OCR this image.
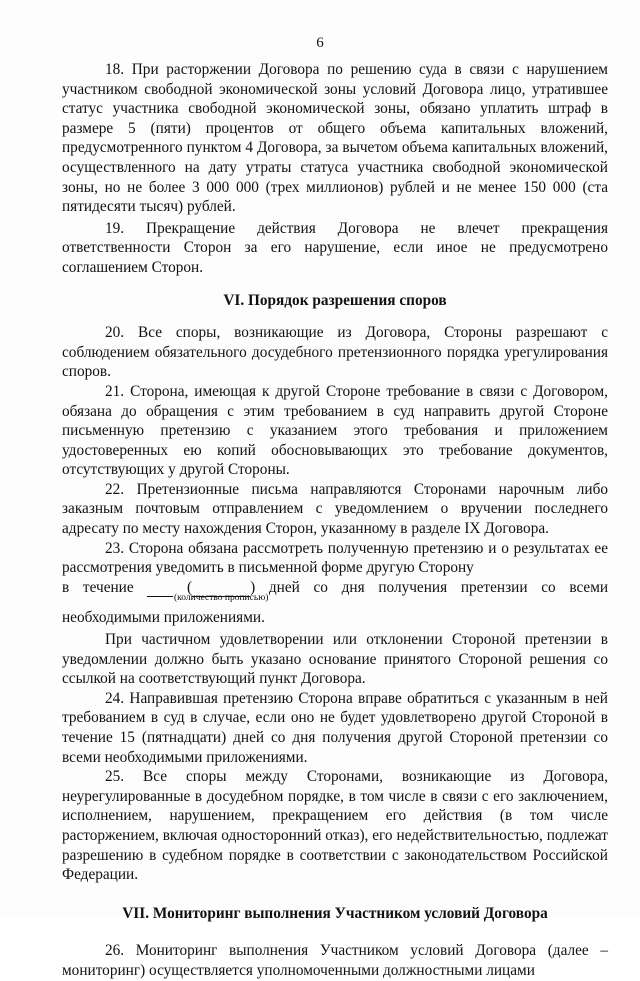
6

18. При расторжении Договора по решению суда в связи с нарушением участником свободной экономической зоны условий Договора лицо, утратившее статус участника свободной экономической зоны, обязано уплатить штраф в размере 5 (пяти) процентов от общего объема капитальных вложений, предусмотренного пунктом 4 Договора, за вычетом объема капитальных вложений, осуществленного на дату утраты статуса участника свободной экономической зоны, но не более 3 000 000 (трех миллионов) рублей и не менее 150 000 (ста пятидесяти тысяч) рублей.

19. Прекращение действия Договора не влечет прекращения ответственности Сторон за его нарушение, если иное не предусмотрено соглашением Сторон.

VI. Порядок разрешения споров

20. Все споры, возникающие из Договора, Стороны разрешают с соблюдением обязательного досудебного претензионного порядка урегулирования споров.

21. Сторона, имеющая к другой Стороне требование в связи с Договором, обязана до обращения с этим требованием в суд направить другой Стороне письменную претензию с указанием этого требования и приложением удостоверенных ею копий обосновывающих это требование документов, отсутствующих у другой Стороны.

22. Претензионные письма направляются Сторонами нарочным либо заказным почтовым отправлением с уведомлением о вручении последнего адресату по месту нахождения Сторон, указанному в разделе IX Договора.

23. Сторона обязана рассмотреть полученную претензию и о результатах ее рассмотрения уведомить в письменной форме другую Сторону

в течение	(	) дней со дня получения претензии со всеми
(количество прописью)

необходимыми приложениями.

При частичном удовлетворении или отклонении Стороной претензии в уведомлении должно быть указано основание принятого Стороной решения со ссылкой на соответствующий пункт Договора.

24. Направившая претензию Сторона вправе обратиться с указанным в ней требованием в суд в случае, если оно не будет удовлетворено другой Стороной в течение 15 (пятнадцати) дней со дня получения другой Стороной претензии со всеми необходимыми приложениями.

25. Все споры между Сторонами, возникающие из Договора, неурегулированные в досудебном порядке, в том числе в связи с его заключением, исполнением, нарушением, прекращением его действия (в том числе расторжением, включая односторонний отказ), его недействительностью, подлежат разрешению в судебном порядке в соответствии с законодательством Российской Федерации.

VII. Мониторинг выполнения Участником условий Договора

26. Мониторинг выполнения Участником условий Договора (далее – мониторинг) осуществляется уполномоченными должностными лицами
